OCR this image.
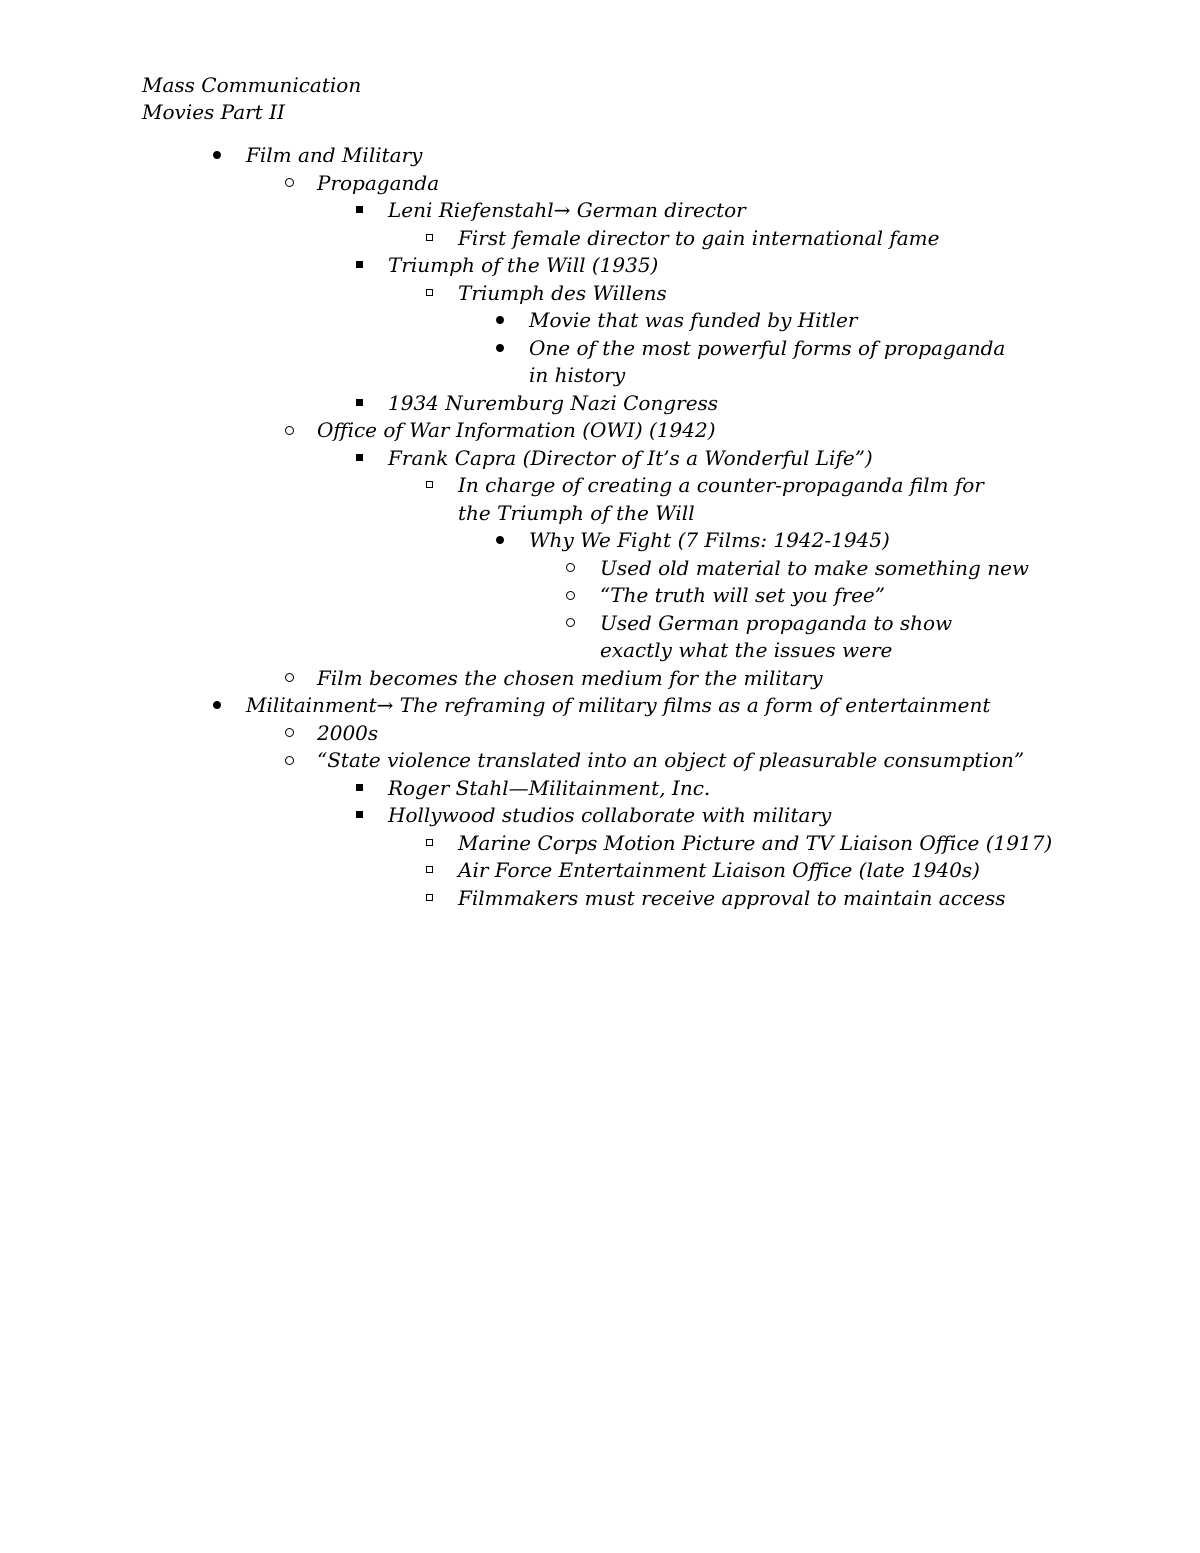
Mass Communication
Movies Part II
Film and Military
Propaganda
Leni Riefenstahl→ German director
First female director to gain international fame
Triumph of the Will (1935)
Triumph des Willens
Movie that was funded by Hitler
One of the most powerful forms of propaganda in history
1934 Nuremburg Nazi Congress
Office of War Information (OWI) (1942)
Frank Capra (Director of It’s a Wonderful Life”)
In charge of creating a counter-propaganda film for the Triumph of the Will
Why We Fight (7 Films: 1942-1945)
Used old material to make something new
“The truth will set you free”
Used German propaganda to show exactly what the issues were
Film becomes the chosen medium for the military
Militainment→ The reframing of military films as a form of entertainment
2000s
“State violence translated into an object of pleasurable consumption”
Roger Stahl—Militainment, Inc.
Hollywood studios collaborate with military
Marine Corps Motion Picture and TV Liaison Office (1917)
Air Force Entertainment Liaison Office (late 1940s)
Filmmakers must receive approval to maintain access
